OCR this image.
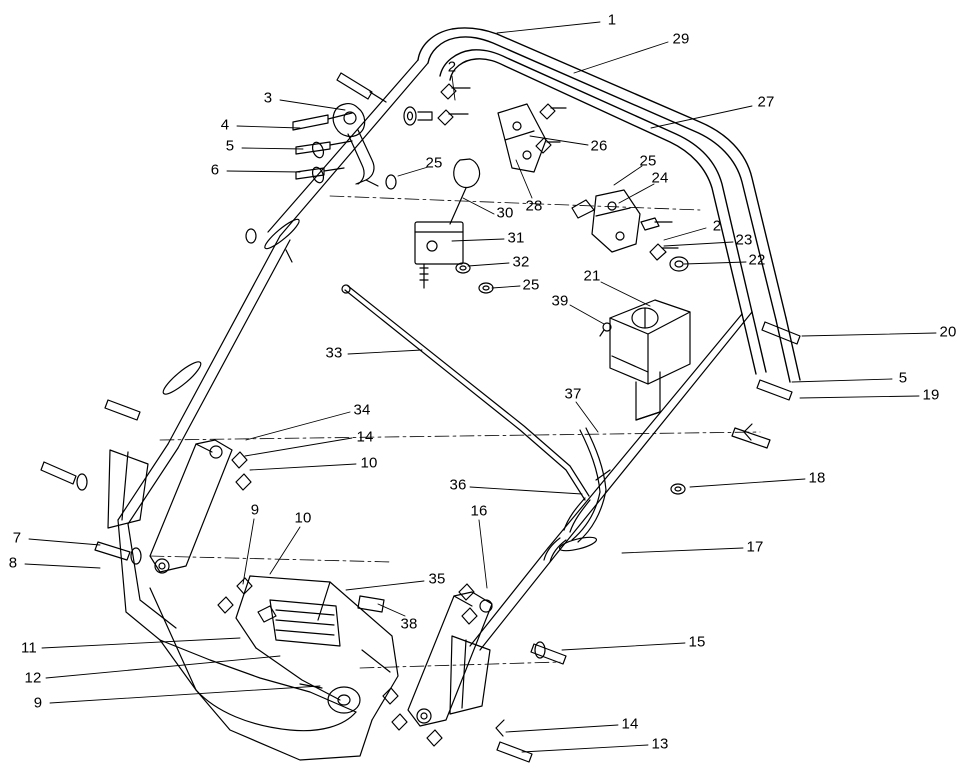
1
29
2
27
3
4
5	26
6	25	25
24
28
30
2
23
31
22
32
21
25
39
20
33
5
19
37
34
14
10
18
36
9 10	16
7
17
8
35
38
11	15
12
9
14
13
